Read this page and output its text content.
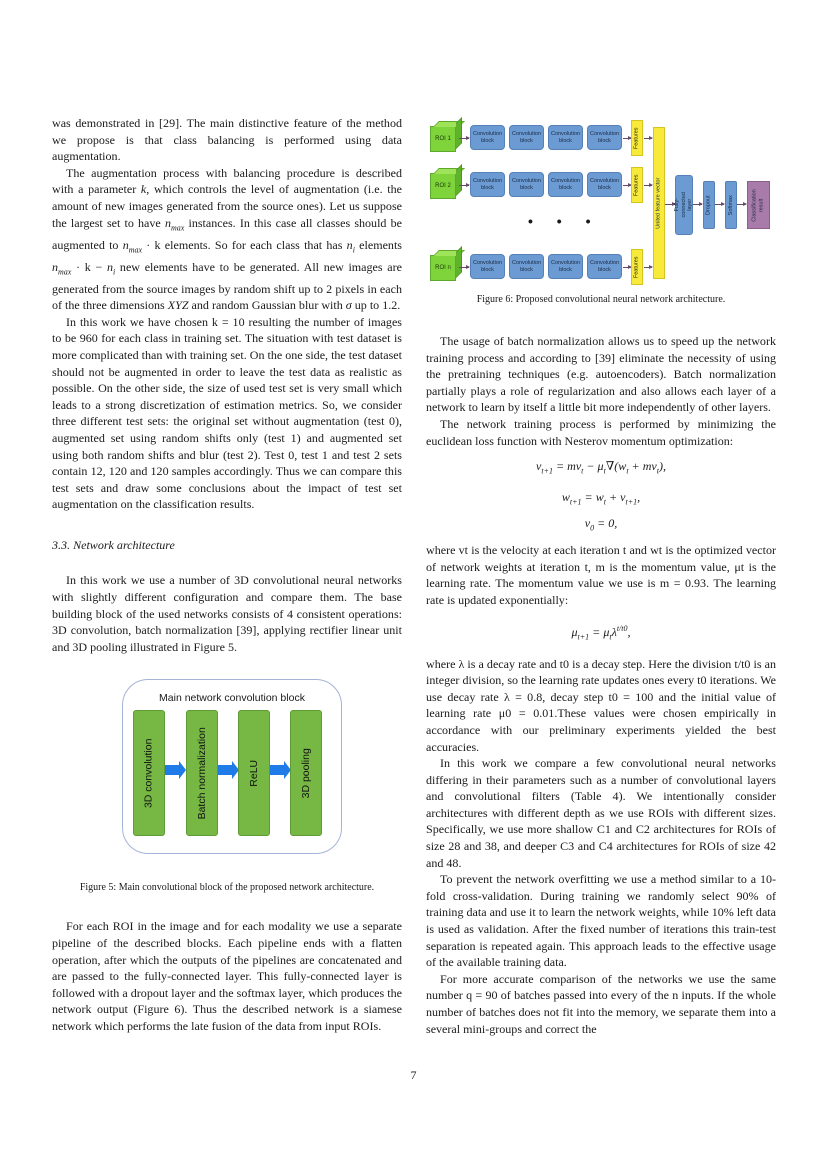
was demonstrated in [29]. The main distinctive feature of the method we propose is that class balancing is performed using data augmentation.

The augmentation process with balancing procedure is described with a parameter k, which controls the level of augmentation (i.e. the amount of new images generated from the source ones). Let us suppose the largest set to have $n_{max}$ instances. In this case all classes should be augmented to $n_{max} \cdot k$ elements. So for each class that has $n_i$ elements $n_{max} \cdot k - n_i$ new elements have to be generated. All new images are generated from the source images by random shift up to 2 pixels in each of the three dimensions XYZ and random Gaussian blur with σ up to 1.2.

In this work we have chosen k = 10 resulting the number of images to be 960 for each class in training set. The situation with test dataset is more complicated than with training set. On the one side, the test dataset should not be augmented in order to leave the test data as realistic as possible. On the other side, the size of used test set is very small which leads to a strong discretization of estimation metrics. So, we consider three different test sets: the original set without augmentation (test 0), augmented set using random shifts only (test 1) and augmented set using both random shifts and blur (test 2). Test 0, test 1 and test 2 sets contain 12, 120 and 120 samples accordingly. Thus we can compare this test sets and draw some conclusions about the impact of test set augmentation on the classification results.

3.3. Network architecture

In this work we use a number of 3D convolutional neural networks with slightly different configuration and compare them. The base building block of the used networks consists of 4 consistent operations: 3D convolution, batch normalization [39], applying rectifier linear unit and 3D pooling illustrated in Figure 5.

Main network convolution block
3D convolution	Batch normalization	ReLU	3D pooling
Figure 5: Main convolutional block of the proposed network architecture.

For each ROI in the image and for each modality we use a separate pipeline of the described blocks. Each pipeline ends with a flatten operation, after which the outputs of the pipelines are concatenated and are passed to the fully-connected layer. This fully-connected layer is followed with a dropout layer and the softmax layer, which produces the network output (Figure 6). Thus the described network is a siamese network which performs the late fusion of the data from input ROIs.

ROI 1
Convolution block
Convolution block
Convolution block
Convolution block	Features
ROI 2
Convolution block
Convolution block
Convolution block
Convolution block	Features
• • •
ROI n
Convolution block
Convolution block
Convolution block
Convolution block	Features
United feature vector Fully-connected layer Dropout	Softmax	Classification result
Figure 6: Proposed convolutional neural network architecture.

The usage of batch normalization allows us to speed up the network training process and according to [39] eliminate the necessity of using the pretraining techniques (e.g. autoencoders). Batch normalization partially plays a role of regularization and also allows each layer of a network to learn by itself a little bit more independently of other layers.

The network training process is performed by minimizing the euclidean loss function with Nesterov momentum optimization:

$v_{t+1} = mv_t - \mu_t\nabla(w_t + mv_t)$,
$w_{t+1} = w_t + v_{t+1}$,
$v_0 = 0$,

where vt is the velocity at each iteration t and wt is the optimized vector of network weights at iteration t, m is the momentum value, μt is the learning rate. The momentum value we use is m = 0.93. The learning rate is updated exponentially:

$\mu_{t+1} = \mu_t\lambda^{t/t0}$,

where λ is a decay rate and t0 is a decay step. Here the division t/t0 is an integer division, so the learning rate updates ones every t0 iterations. We use decay rate λ = 0.8, decay step t0 = 100 and the initial value of learning rate μ0 = 0.01.These values were chosen empirically in accordance with our preliminary experiments yielded the best accuracies.

In this work we compare a few convolutional neural networks differing in their parameters such as a number of convolutional layers and convolutional filters (Table 4). We intentionally consider architectures with different depth as we use ROIs with different sizes. Specifically, we use more shallow C1 and C2 architectures for ROIs of size 28 and 38, and deeper C3 and C4 architectures for ROIs of size 42 and 48.

To prevent the network overfitting we use a method similar to a 10-fold cross-validation. During training we randomly select 90% of training data and use it to learn the network weights, while 10% left data is used as validation. After the fixed number of iterations this train-test separation is repeated again. This approach leads to the effective usage of the available training data.

For more accurate comparison of the networks we use the same number q = 90 of batches passed into every of the n inputs. If the whole number of batches does not fit into the memory, we separate them into a several mini-groups and correct the

7
